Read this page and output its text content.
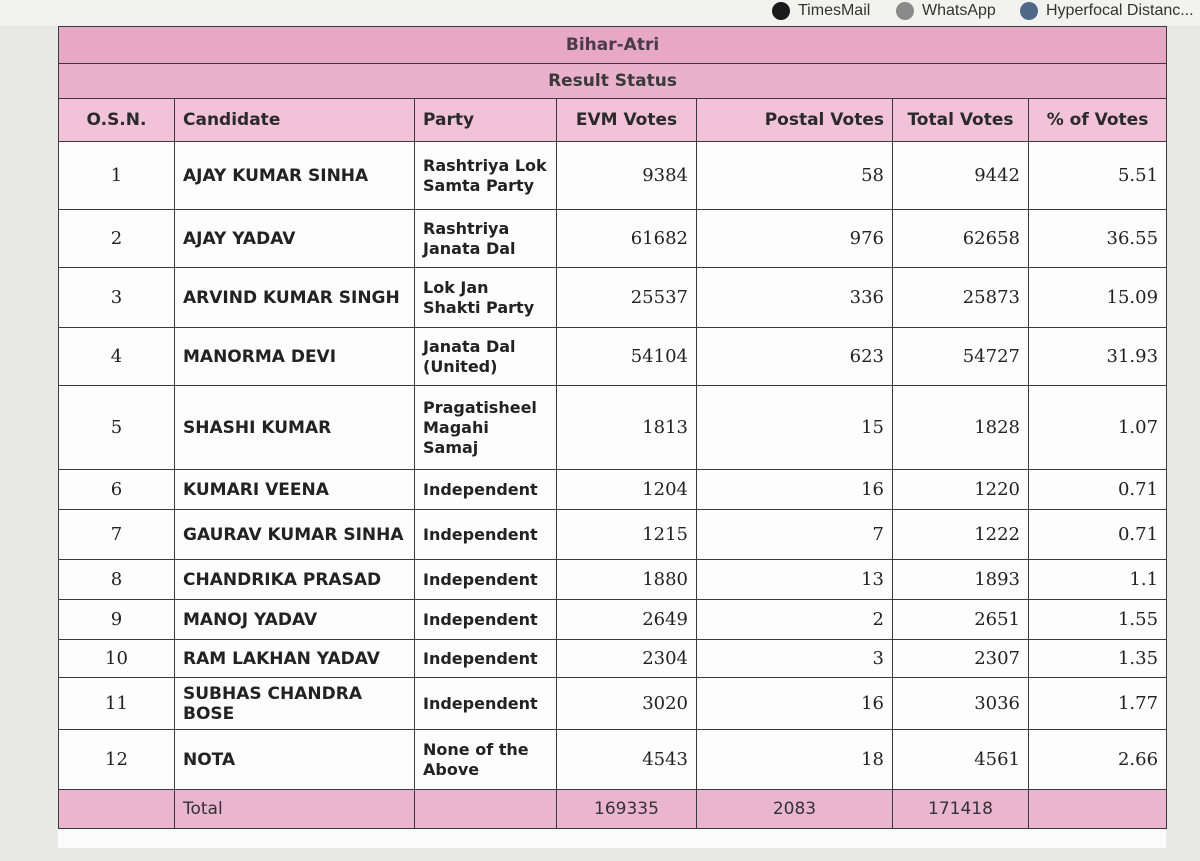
TimesMail	WhatsApp	Hyperfocal Distanc...
Bihar-Atri						
Result Status						
O.S.N.	Candidate	Party	EVM Votes	Postal Votes	Total Votes	% of Votes
1	AJAY KUMAR SINHA	Rashtriya Lok Samta Party	9384	58	9442	5.51
2	AJAY YADAV	Rashtriya Janata Dal	61682	976	62658	36.55
3	ARVIND KUMAR SINGH	Lok Jan Shakti Party	25537	336	25873	15.09
4	MANORMA DEVI	Janata Dal (United)	54104	623	54727	31.93
5	SHASHI KUMAR	Pragatisheel Magahi Samaj	1813	15	1828	1.07
6	KUMARI VEENA	Independent	1204	16	1220	0.71
7	GAURAV KUMAR SINHA	Independent	1215	7	1222	0.71
8	CHANDRIKA PRASAD	Independent	1880	13	1893	1.1
9	MANOJ YADAV	Independent	2649	2	2651	1.55
10	RAM LAKHAN YADAV	Independent	2304	3	2307	1.35
11	SUBHAS CHANDRA BOSE	Independent	3020	16	3036	1.77
12	NOTA	None of the Above	4543	18	4561	2.66
	Total		169335	2083	171418	
